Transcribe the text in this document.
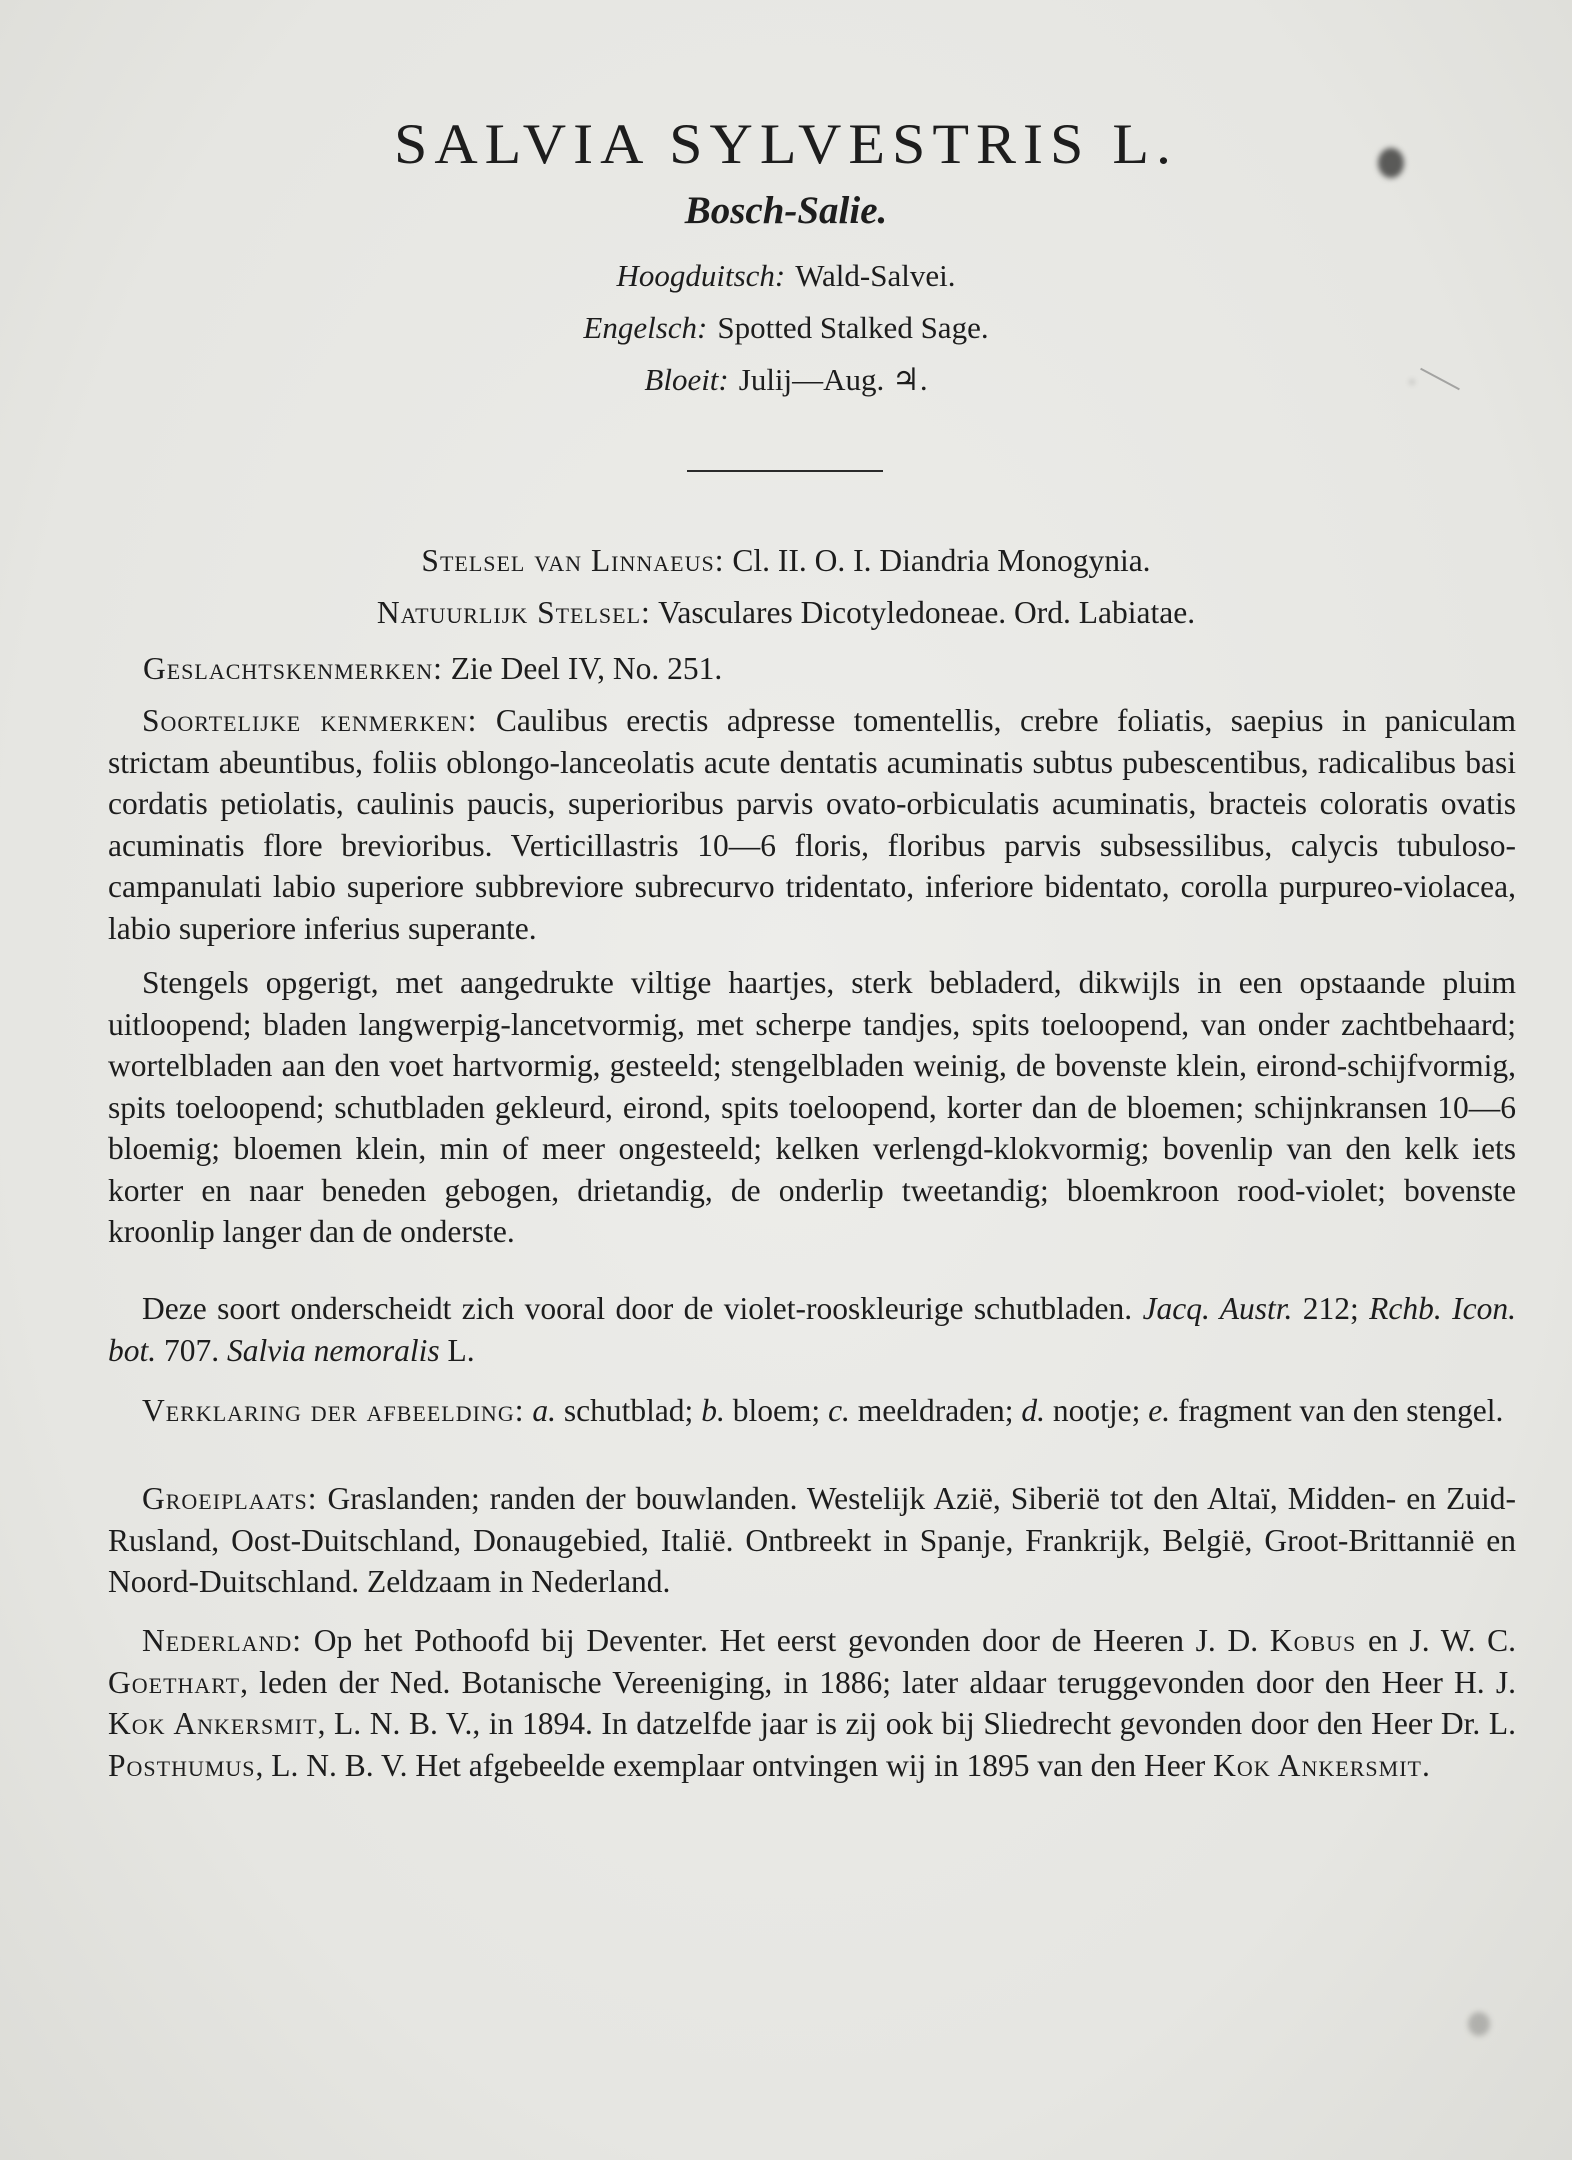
SALVIA SYLVESTRIS L.
Bosch-Salie.
Hoogduitsch: Wald-Salvei.
Engelsch: Spotted Stalked Sage.
Bloeit: Julij—Aug. ♃.
Stelsel van Linnaeus: Cl. II. O. I. Diandria Monogynia.
Natuurlijk Stelsel: Vasculares Dicotyledoneae. Ord. Labiatae.
Geslachtskenmerken: Zie Deel IV, No. 251.

Soortelijke kenmerken: Caulibus erectis adpresse tomentellis, crebre foliatis, saepius in paniculam strictam abeuntibus, foliis oblongo-lanceolatis acute dentatis acuminatis subtus pubescentibus, radicalibus basi cordatis petiolatis, caulinis paucis, superioribus parvis ovato-orbiculatis acuminatis, bracteis coloratis ovatis acuminatis flore brevioribus. Verticillastris 10—6 floris, floribus parvis subsessilibus, calycis tubuloso-campanulati labio superiore subbreviore subrecurvo tridentato, inferiore bidentato, corolla purpureo-violacea, labio superiore inferius superante.

Stengels opgerigt, met aangedrukte viltige haartjes, sterk bebladerd, dikwijls in een opstaande pluim uitloopend; bladen langwerpig-lancetvormig, met scherpe tandjes, spits toeloopend, van onder zachtbehaard; wortelbladen aan den voet hartvormig, gesteeld; stengelbladen weinig, de bovenste klein, eirond-schijfvormig, spits toeloopend; schutbladen gekleurd, eirond, spits toeloopend, korter dan de bloemen; schijnkransen 10—6 bloemig; bloemen klein, min of meer ongesteeld; kelken verlengd-klokvormig; bovenlip van den kelk iets korter en naar beneden gebogen, drietandig, de onderlip tweetandig; bloemkroon rood-violet; bovenste kroonlip langer dan de onderste.

Deze soort onderscheidt zich vooral door de violet-rooskleurige schutbladen. Jacq. Austr. 212; Rchb. Icon. bot. 707. Salvia nemoralis L.

Verklaring der afbeelding: a. schutblad; b. bloem; c. meeldraden; d. nootje; e. fragment van den stengel.

Groeiplaats: Graslanden; randen der bouwlanden. Westelijk Azië, Siberië tot den Altaï, Midden- en Zuid-Rusland, Oost-Duitschland, Donaugebied, Italië. Ontbreekt in Spanje, Frankrijk, België, Groot-Brittannië en Noord-Duitschland. Zeldzaam in Nederland.

Nederland: Op het Pothoofd bij Deventer. Het eerst gevonden door de Heeren J. D. Kobus en J. W. C. Goethart, leden der Ned. Botanische Vereeniging, in 1886; later aldaar teruggevonden door den Heer H. J. Kok Ankersmit, L. N. B. V., in 1894. In datzelfde jaar is zij ook bij Sliedrecht gevonden door den Heer Dr. L. Posthumus, L. N. B. V. Het afgebeelde exemplaar ontvingen wij in 1895 van den Heer Kok Ankersmit.
